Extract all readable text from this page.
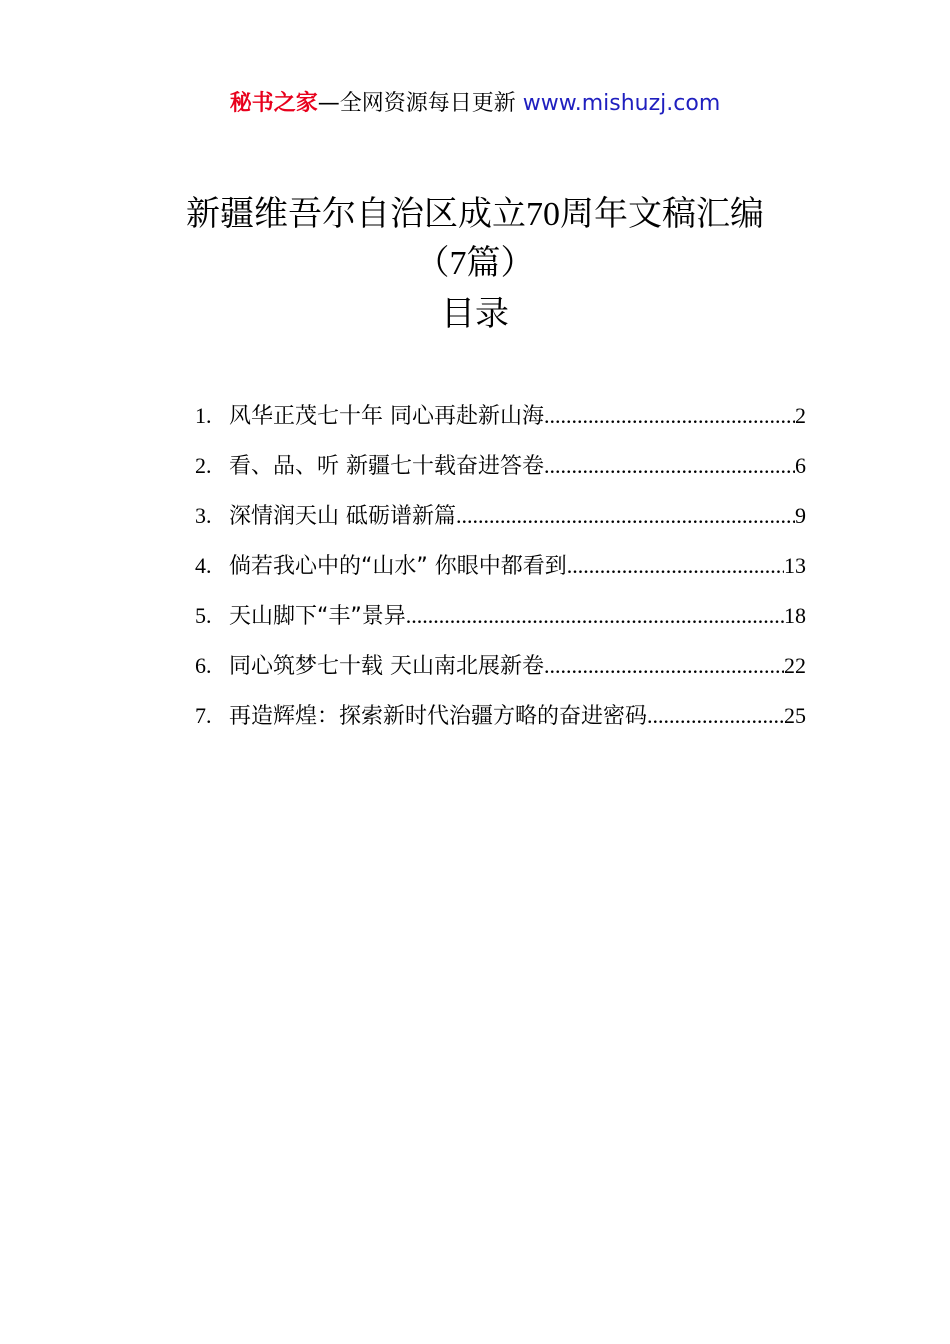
秘书之家—全网资源每日更新 www.mishuzj.com
新疆维吾尔自治区成立70周年文稿汇编
（7篇）
目录
1. 风华正茂七十年 同心再赴新山海 .....	2
2. 看、品、听 新疆七十载奋进答卷 .....	6
3. 深情润天山 砥砺谱新篇 .....	9
4. 倘若我心中的“山水” 你眼中都看到 .....	13
5. 天山脚下“丰”景异 .....	18
6. 同心筑梦七十载 天山南北展新卷 .....	22
7. 再造辉煌：探索新时代治疆方略的奋进密码 .....	25
